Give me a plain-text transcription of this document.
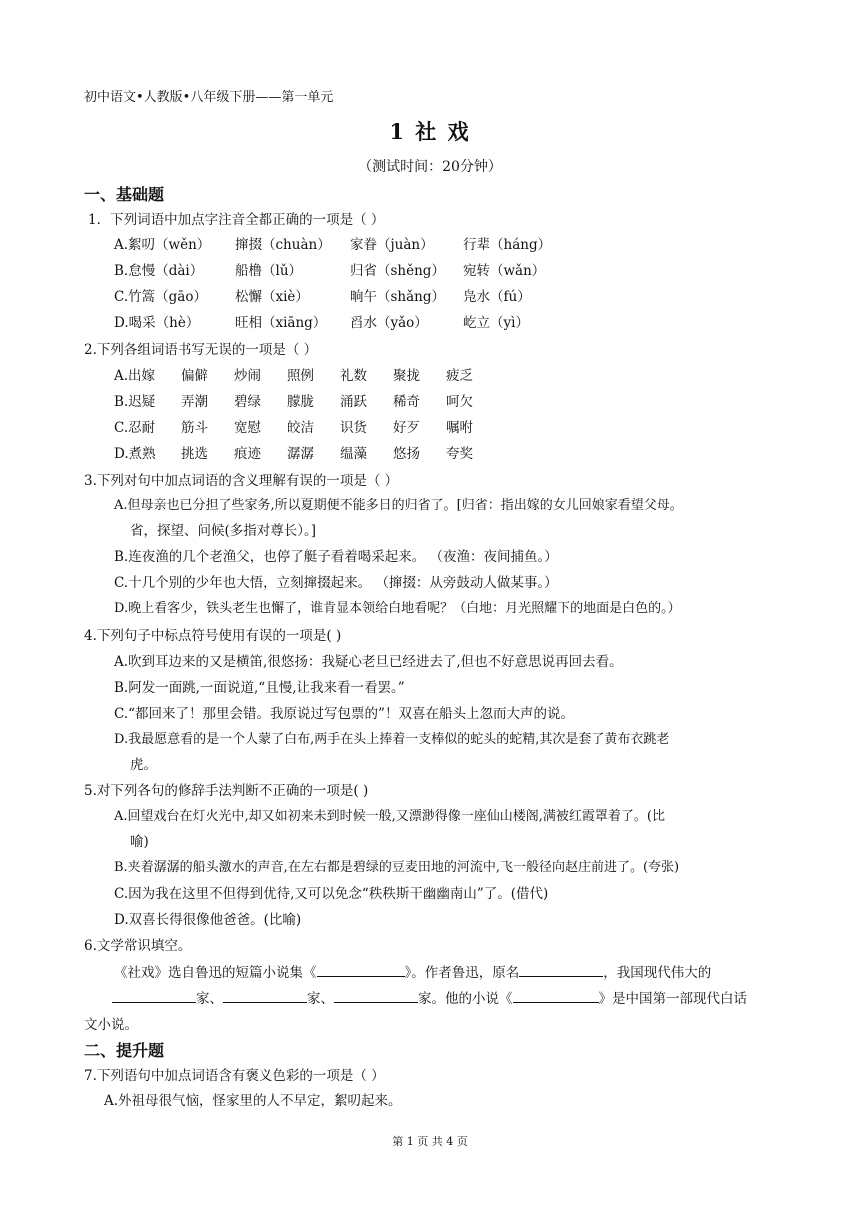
初中语文•人教版•八年级下册——第一单元
1 社 戏
（测试时间：20分钟）
一、基础题
1．下列词语中加点字注音全都正确的一项是（ ）
A.絮叨（wěn） 撺掇（chuàn） 家眷（juàn） 行辈（háng）
B.怠慢（dài） 船橹（lǔ）	归省（shěng） 宛转（wǎn）
C.竹篙（gāo） 松懈（xiè）	晌午（shǎng） 凫水（fú）
D.喝采（hè）	旺相（xiāng） 舀水（yǎo）	屹立（yì）
2.下列各组词语书写无误的一项是（ ）
A.出嫁 偏僻 炒闹 照例 礼数 聚拢 疲乏
B.迟疑 弄潮 碧绿 朦胧 涌跃 稀奇 呵欠
C.忍耐 筋斗 宽慰 皎洁 识货 好歹 嘱咐
D.煮熟 挑选 痕迹 潺潺 缊藻 悠扬 夸奖
3.下列对句中加点词语的含义理解有误的一项是（ ）
A.但母亲也已分担了些家务,所以夏期便不能多日的归省了。[归省：指出嫁的女儿回娘家看望父母。
省，探望、问候(多指对尊长）。]
B.连夜渔的几个老渔父，也停了艇子看着喝采起来。 （夜渔：夜间捕鱼。）
C.十几个别的少年也大悟，立刻撺掇起来。 （撺掇：从旁鼓动人做某事。）
D.晚上看客少，铁头老生也懈了，谁肯显本领给白地看呢？（白地：月光照耀下的地面是白色的。）
4.下列句子中标点符号使用有误的一项是( )
A.吹到耳边来的又是横笛,很悠扬：我疑心老旦已经进去了,但也不好意思说再回去看。
B.阿发一面跳,一面说道,“且慢,让我来看一看罢。”
C.“都回来了！那里会错。我原说过写包票的”！双喜在船头上忽而大声的说。
D.我最愿意看的是一个人蒙了白布,两手在头上捧着一支棒似的蛇头的蛇精,其次是套了黄布衣跳老
虎。
5.对下列各句的修辞手法判断不正确的一项是( )
A.回望戏台在灯火光中,却又如初来未到时候一般,又漂渺得像一座仙山楼阁,满被红霞罩着了。(比
喻)
B.夹着潺潺的船头激水的声音,在左右都是碧绿的豆麦田地的河流中,飞一般径向赵庄前进了。(夸张)
C.因为我在这里不但得到优待,又可以免念“秩秩斯干幽幽南山”了。(借代)
D.双喜长得很像他爸爸。(比喻)
6.文学常识填空。
《社戏》选自鲁迅的短篇小说集《	》。作者鲁迅，原名	，我国现代伟大的
家、	家、	家。他的小说《	》是中国第一部现代白话
文小说。
二、提升题
7.下列语句中加点词语含有褒义色彩的一项是（ ）
A.外祖母很气恼，怪家里的人不早定，絮叨起来。
第 1 页 共 4 页
